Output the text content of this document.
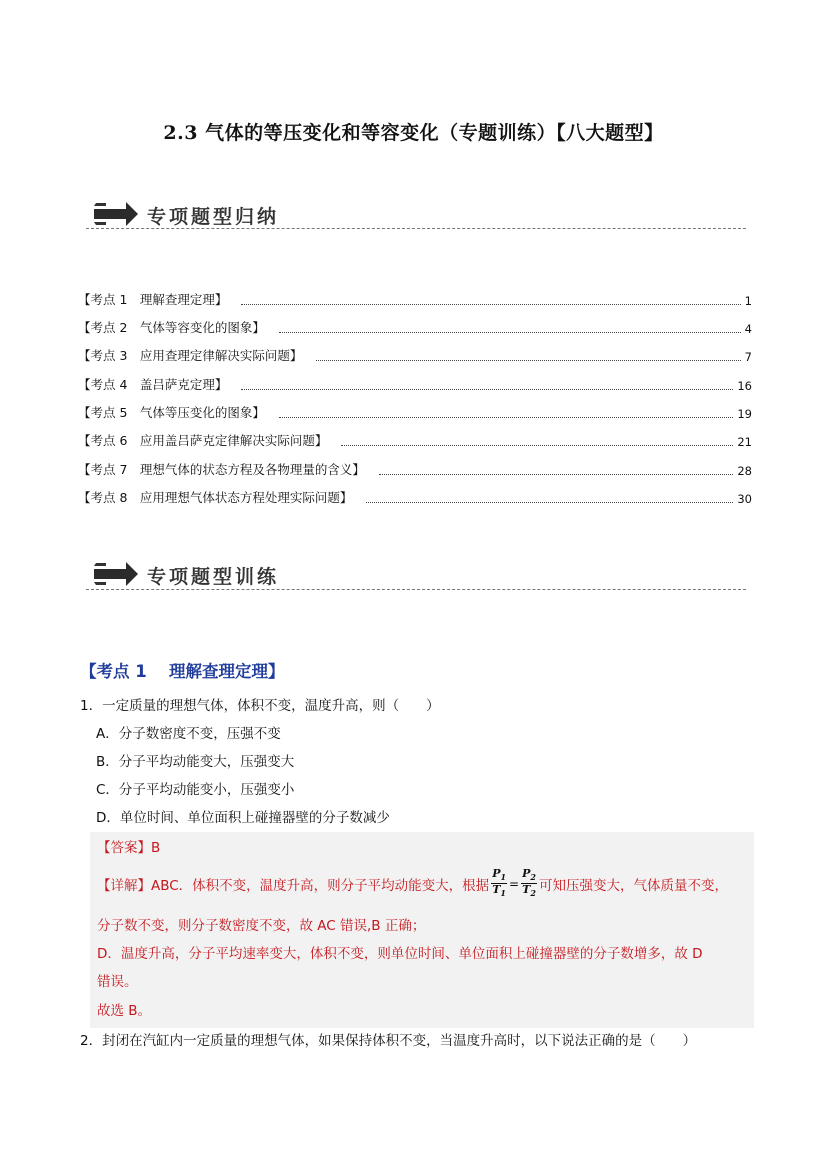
2.3 气体的等压变化和等容变化（专题训练）【八大题型】
专项题型归纳
【考点 1　理解查理定理】	1
【考点 2　气体等容变化的图象】	4
【考点 3　应用查理定律解决实际问题】	7
【考点 4　盖吕萨克定理】	16
【考点 5　气体等压变化的图象】	19
【考点 6　应用盖吕萨克定律解决实际问题】	21
【考点 7　理想气体的状态方程及各物理量的含义】	28
【考点 8　应用理想气体状态方程处理实际问题】	30
专项题型训练
【考点 1　 理解查理定理】
1．一定质量的理想气体，体积不变，温度升高，则（　　）
A．分子数密度不变，压强不变
B．分子平均动能变大，压强变大
C．分子平均动能变小，压强变小
D．单位时间、单位面积上碰撞器壁的分子数减少
【答案】B
【详解】ABC．体积不变，温度升高，则分子平均动能变大，根据 $\frac{P_1}{T_1} = \frac{P_2}{T_2}$ 可知压强变大，气体质量不变，
分子数不变，则分子数密度不变，故 AC 错误,B 正确；
D．温度升高，分子平均速率变大，体积不变，则单位时间、单位面积上碰撞器壁的分子数增多，故 D
错误。
故选 B。
2．封闭在汽缸内一定质量的理想气体，如果保持体积不变，当温度升高时，以下说法正确的是（　　）
